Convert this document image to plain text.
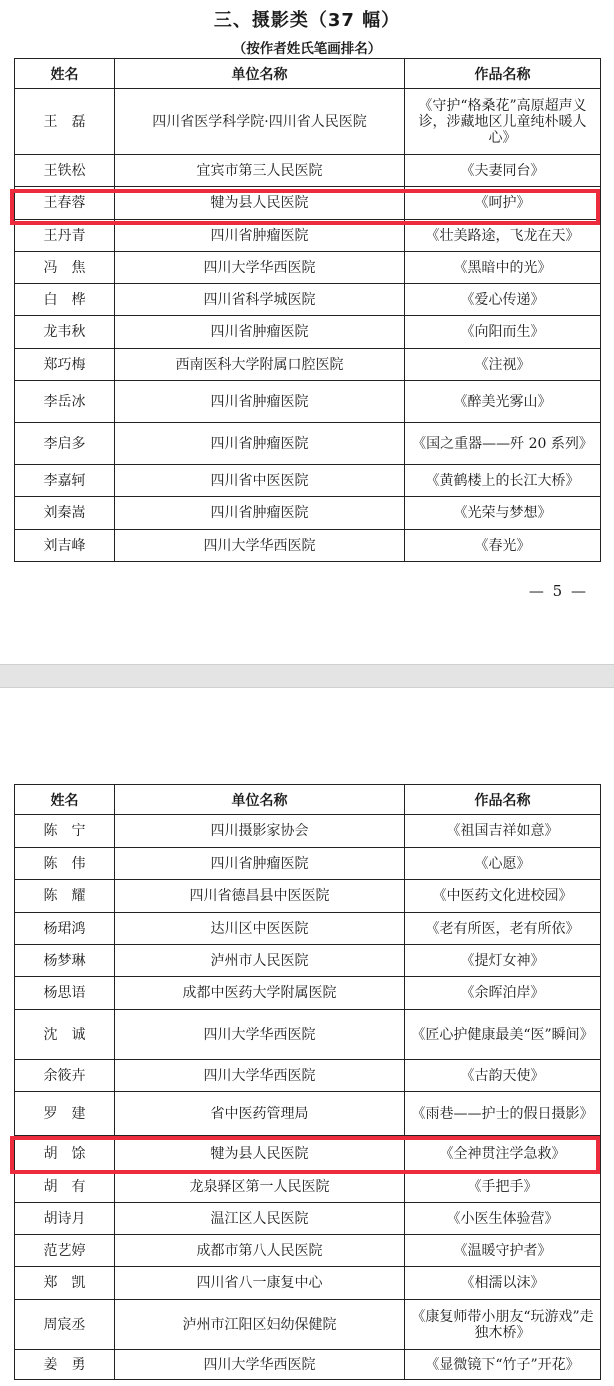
三、摄影类（37 幅）
（按作者姓氏笔画排名）
姓名	单位名称	作品名称
王　磊	四川省医学科学院·四川省人民医院	《守护“格桑花”高原超声义诊，涉藏地区儿童纯朴暖人心》
王铁松	宜宾市第三人民医院	《夫妻同台》
王春蓉	犍为县人民医院	《呵护》
王丹青	四川省肿瘤医院	《壮美路途，飞龙在天》
冯　焦	四川大学华西医院	《黑暗中的光》
白　桦	四川省科学城医院	《爱心传递》
龙韦秋	四川省肿瘤医院	《向阳而生》
郑巧梅	西南医科大学附属口腔医院	《注视》
李岳冰	四川省肿瘤医院	《醉美光雾山》
李启多	四川省肿瘤医院	《国之重器——歼 20 系列》
李嘉轲	四川省中医医院	《黄鹤楼上的长江大桥》
刘秦嵩	四川省肿瘤医院	《光荣与梦想》
刘吉峰	四川大学华西医院	《春光》
— 5 —
姓名	单位名称	作品名称
陈　宁	四川摄影家协会	《祖国吉祥如意》
陈　伟	四川省肿瘤医院	《心愿》
陈　耀	四川省德昌县中医医院	《中医药文化进校园》
杨珺鸿	达川区中医医院	《老有所医，老有所依》
杨梦琳	泸州市人民医院	《提灯女神》
杨思语	成都中医药大学附属医院	《余晖泊岸》
沈　诚	四川大学华西医院	《匠心护健康最美“医”瞬间》
余筱卉	四川大学华西医院	《古韵天使》
罗　建	省中医药管理局	《雨巷——护士的假日摄影》
胡　馀	犍为县人民医院	《全神贯注学急救》
胡　有	龙泉驿区第一人民医院	《手把手》
胡诗月	温江区人民医院	《小医生体验营》
范艺婷	成都市第八人民医院	《温暖守护者》
郑　凯	四川省八一康复中心	《相濡以沫》
周宸丞	泸州市江阳区妇幼保健院	《康复师带小朋友“玩游戏”走独木桥》
姜　勇	四川大学华西医院	《显微镜下“竹子”开花》
